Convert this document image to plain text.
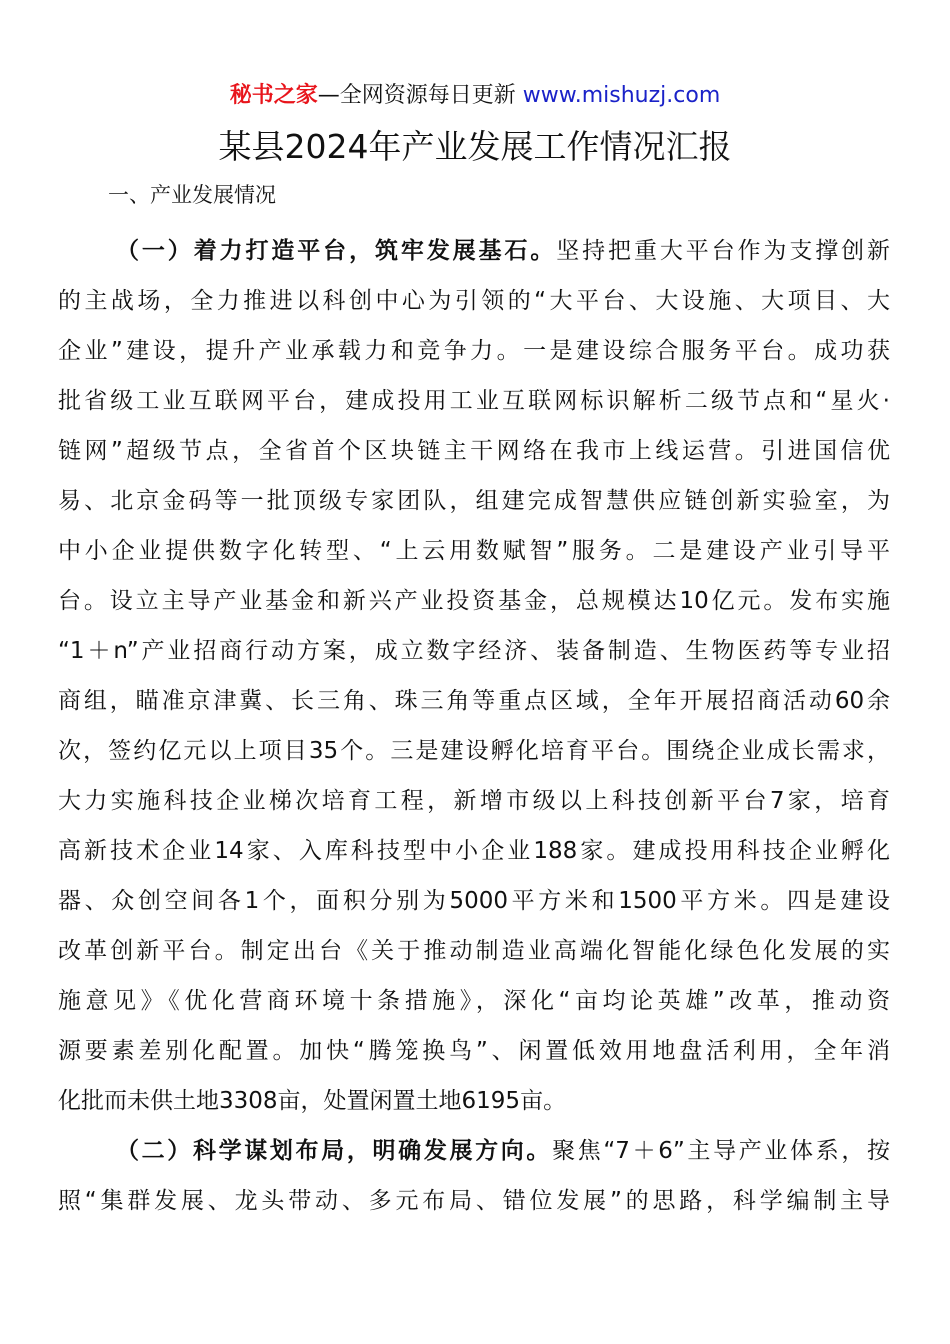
秘书之家—全网资源每日更新 www.mishuzj.com
某县2024年产业发展工作情况汇报
一、产业发展情况

（一）着力打造平台，筑牢发展基石。坚持把重大平台作为支撑创新
的主战场，全力推进以科创中心为引领的“大平台、大设施、大项目、大
企业”建设，提升产业承载力和竞争力。一是建设综合服务平台。成功获
批省级工业互联网平台，建成投用工业互联网标识解析二级节点和“星火·
链网”超级节点，全省首个区块链主干网络在我市上线运营。引进国信优
易、北京金码等一批顶级专家团队，组建完成智慧供应链创新实验室，为
中小企业提供数字化转型、“上云用数赋智”服务。二是建设产业引导平
台。设立主导产业基金和新兴产业投资基金，总规模达10亿元。发布实施
“1＋n”产业招商行动方案，成立数字经济、装备制造、生物医药等专业招
商组，瞄准京津冀、长三角、珠三角等重点区域，全年开展招商活动60余
次，签约亿元以上项目35个。三是建设孵化培育平台。围绕企业成长需求，
大力实施科技企业梯次培育工程，新增市级以上科技创新平台7家，培育
高新技术企业14家、入库科技型中小企业188家。建成投用科技企业孵化
器、众创空间各1个，面积分别为5000平方米和1500平方米。四是建设
改革创新平台。制定出台《关于推动制造业高端化智能化绿色化发展的实
施意见》《优化营商环境十条措施》，深化“亩均论英雄”改革，推动资
源要素差别化配置。加快“腾笼换鸟”、闲置低效用地盘活利用，全年消
化批而未供土地3308亩，处置闲置土地6195亩。

（二）科学谋划布局，明确发展方向。聚焦“7＋6”主导产业体系，按
照“集群发展、龙头带动、多元布局、错位发展”的思路，科学编制主导
